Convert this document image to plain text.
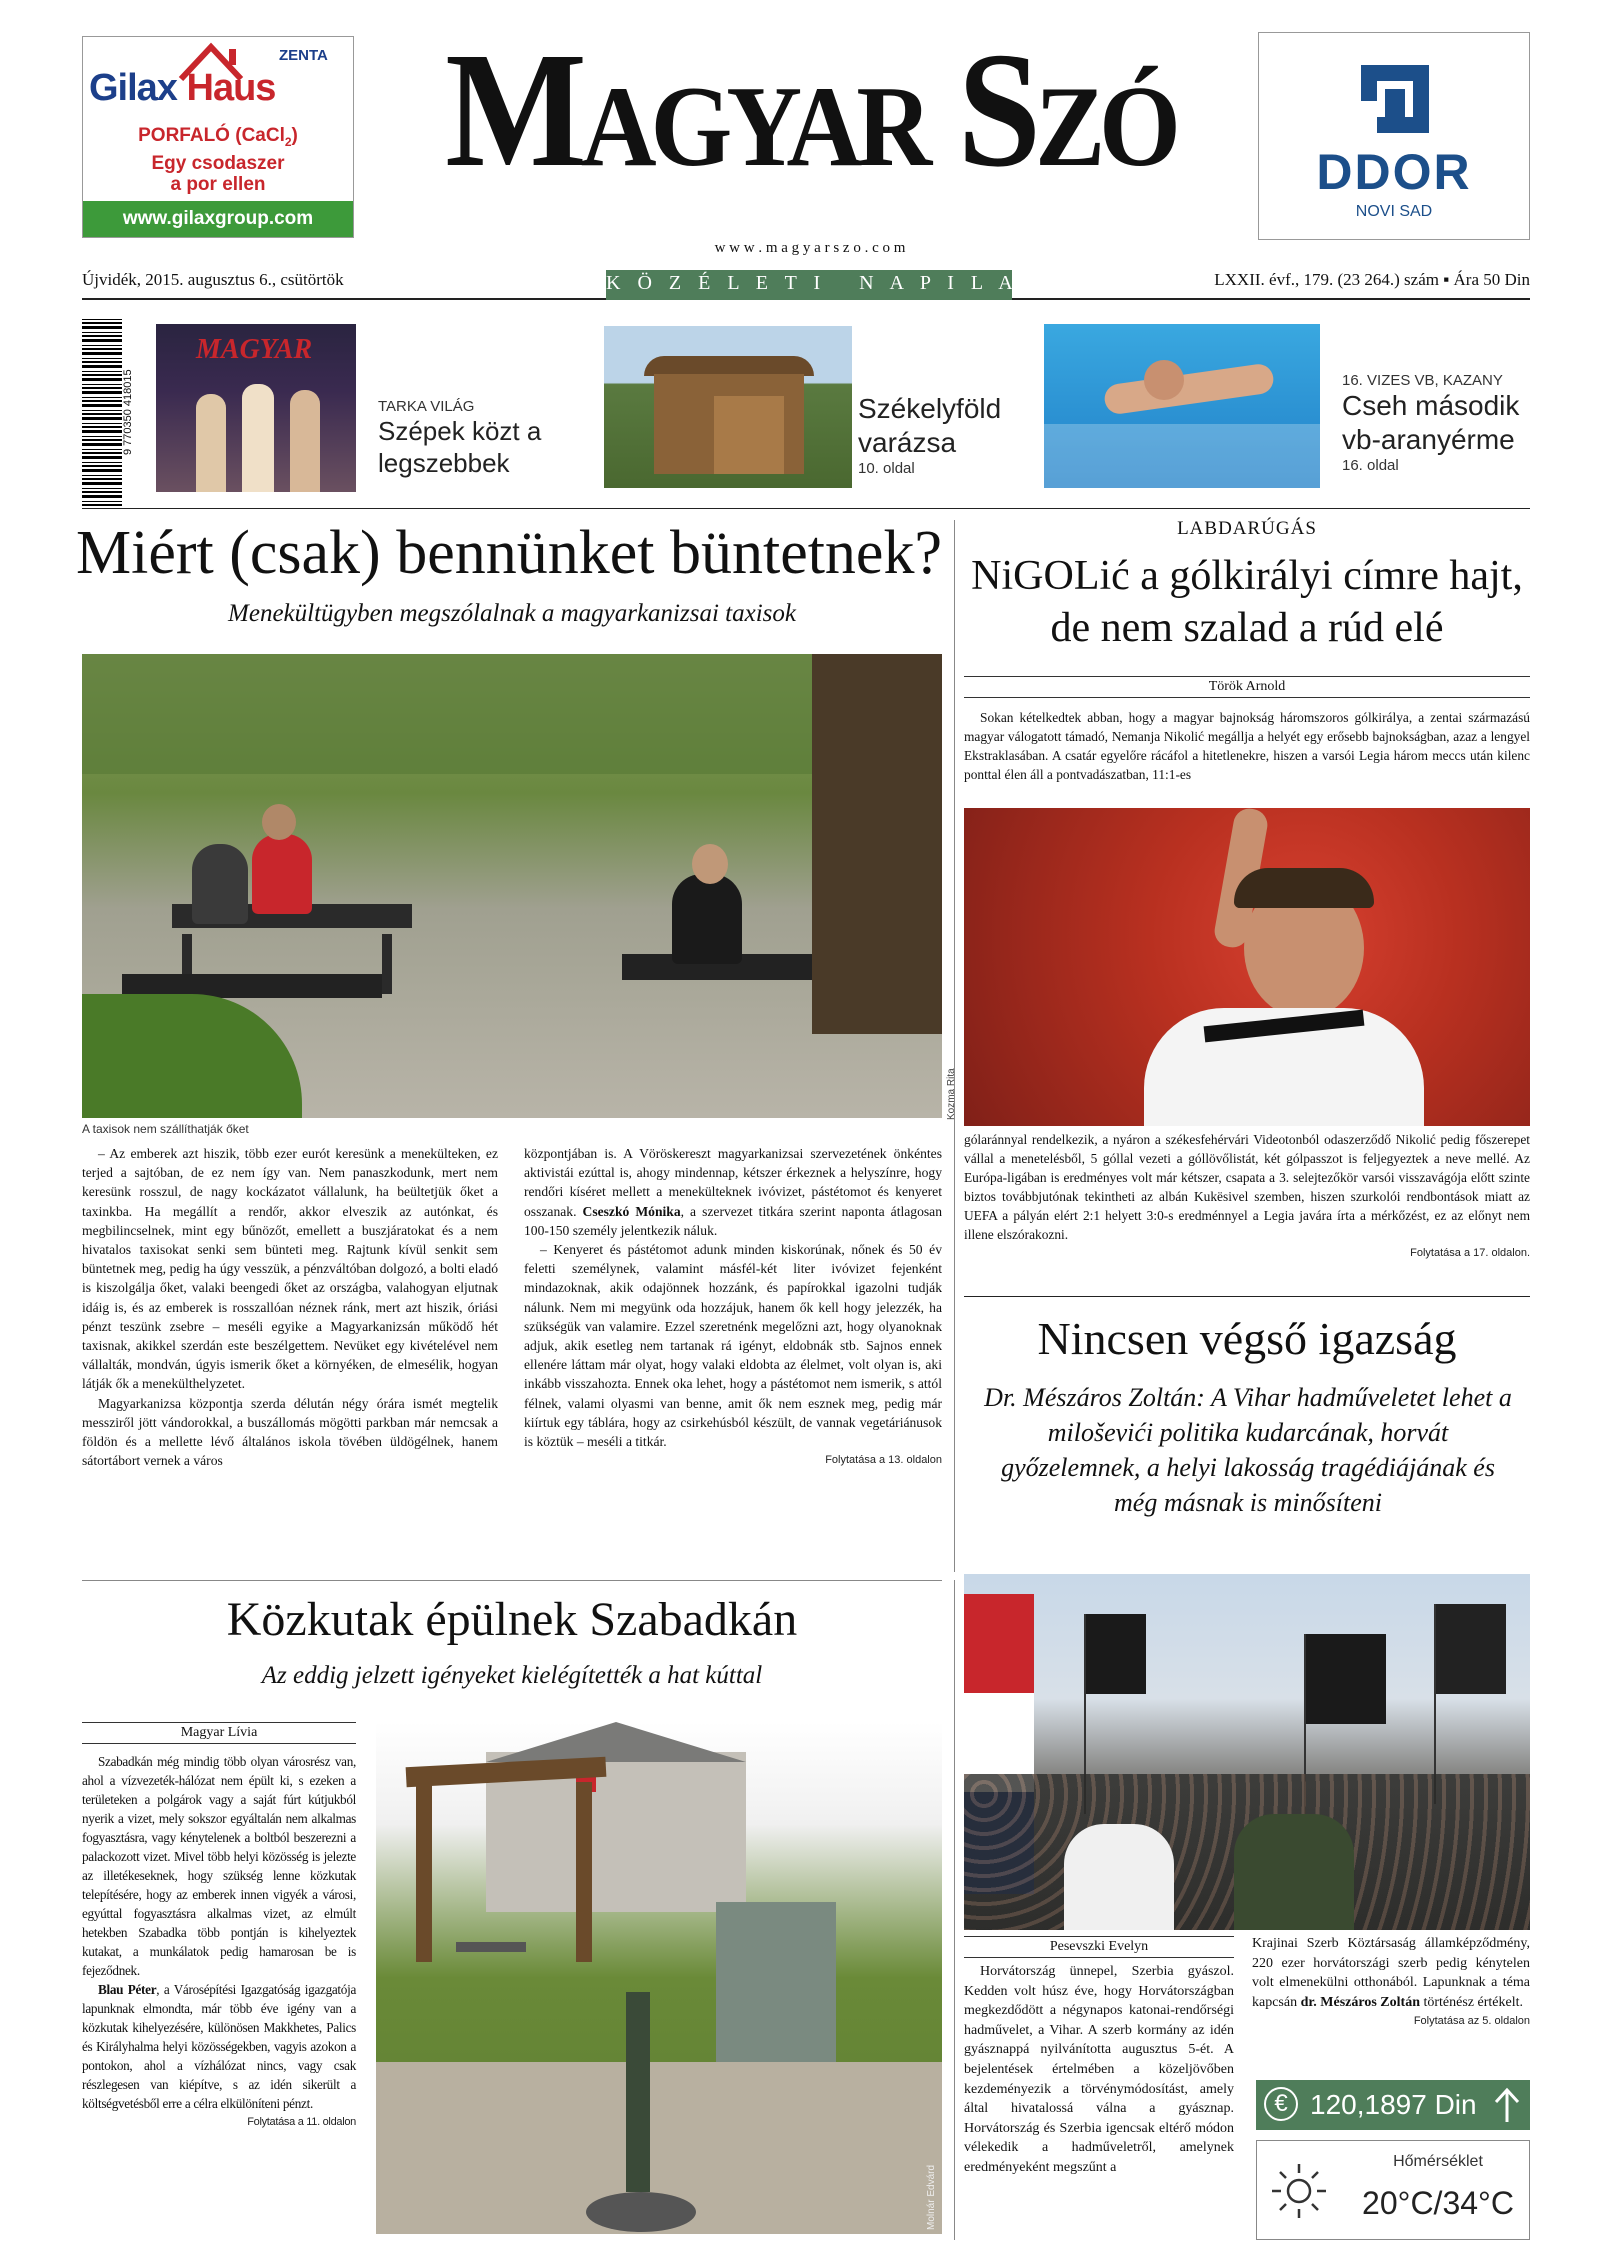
ZENTA
Gilax Haus
PORFALÓ (CaCl$_2$)
Egy csodaszer
a por ellen
www.gilaxgroup.com
DDOR
NOVI SAD
Magyar Szó
w w w . m a g y a r s z o . c o m
K Ö Z É L E T I   N A P I L A P
Újvidék, 2015. augusztus 6., csütörtök	LXXII. évf., 179. (23 264.) szám ▪ Ára 50 Din
9 770350 418015
MAGYAR
TARKA VILÁG
Szépek közt a legszebbek
Székelyföld varázsa
10. oldal
16. VIZES VB, KAZANY
Cseh második vb-aranyérme
16. oldal
Miért (csak) bennünket büntetnek?
Menekültügyben megszólalnak a magyarkanizsai taxisok
A taxisok nem szállíthatják őket

– Az emberek azt hiszik, több ezer eurót keresünk a menekülteken, ez terjed a sajtóban, de ez nem így van. Nem panaszkodunk, mert nem keresünk rosszul, de nagy kockázatot vállalunk, ha beültetjük őket a taxinkba. Ha megállít a rendőr, akkor elveszik az autónkat, és megbilincselnek, mint egy bűnözőt, emellett a buszjáratokat és a nem hivatalos taxisokat senki sem bünteti meg. Rajtunk kívül senkit sem büntetnek meg, pedig ha úgy vesszük, a pénzváltóban dolgozó, a bolti eladó is kiszolgálja őket, valaki beengedi őket az országba, valahogyan eljutnak idáig is, és az emberek is rosszallóan néznek ránk, mert azt hiszik, óriási pénzt teszünk zsebre – meséli egyike a Magyarkanizsán működő hét taxisnak, akikkel szerdán este beszélgettem. Nevüket egy kivételével nem vállalták, mondván, úgyis ismerik őket a környéken, de elmesélik, hogyan látják ők a menekülthelyzetet.

Magyarkanizsa központja szerda délután négy órára ismét megtelik messziről jött vándorokkal, a buszállomás mögötti parkban már nemcsak a földön és a mellette lévő általános iskola tövében üldögélnek, hanem sátortábort vernek a város

központjában is. A Vöröskereszt magyarkanizsai szervezetének önkéntes aktivistái ezúttal is, ahogy mindennap, kétszer érkeznek a helyszínre, hogy rendőri kíséret mellett a menekülteknek ivóvizet, pástétomot és kenyeret osszanak. Cseszkó Mónika, a szervezet titkára szerint naponta átlagosan 100-150 személy jelentkezik náluk.

– Kenyeret és pástétomot adunk minden kiskorúnak, nőnek és 50 év feletti személynek, valamint másfél-két liter ivóvizet fejenként mindazoknak, akik odajönnek hozzánk, és papírokkal igazolni tudják nálunk. Nem mi megyünk oda hozzájuk, hanem ők kell hogy jelezzék, ha szükségük van valamire. Ezzel szeretnénk megelőzni azt, hogy olyanoknak adjuk, akik esetleg nem tartanak rá igényt, eldobnák stb. Sajnos ennek ellenére láttam már olyat, hogy valaki eldobta az élelmet, volt olyan is, aki inkább visszahozta. Ennek oka lehet, hogy a pástétomot nem ismerik, s attól félnek, valami olyasmi van benne, amit ők nem esznek meg, pedig már kiírtuk egy táblára, hogy az csirkehúsból készült, de vannak vegetáriánusok is köztük – meséli a titkár.

Folytatása a 13. oldalon
LABDARÚGÁS
NiGOLić a gólkirályi címre hajt, de nem szalad a rúd elé
Török Arnold

Sokan kételkedtek abban, hogy a magyar bajnokság háromszoros gólkirálya, a zentai származású magyar válogatott támadó, Nemanja Nikolić megállja a helyét egy erősebb bajnokságban, azaz a lengyel Ekstraklasában. A csatár egyelőre rácáfol a hitetlenekre, hiszen a varsói Legia három meccs után kilenc ponttal élen áll a pontvadászatban, 11:1-es

Kozma Rita

gólaránnyal rendelkezik, a nyáron a székesfehérvári Videotonból odaszerződő Nikolić pedig főszerepet vállal a menetelésből, 5 góllal vezeti a góllövőlistát, két gólpasszot is feljegyeztek a neve mellé. Az Európa-ligában is eredményes volt már kétszer, csapata a 3. selejtezőkör varsói visszavágója előtt szinte biztos továbbjutónak tekintheti az albán Kukësivel szemben, hiszen szurkolói rendbontások miatt az UEFA a pályán elért 2:1 helyett 3:0-s eredménnyel a Legia javára írta a mérkőzést, ez az előnyt nem illene elszórakozni.

Folytatása a 17. oldalon.
Nincsen végső igazság
Dr. Mészáros Zoltán: A Vihar hadműveletet lehet a miloševići politika kudarcának, horvát győzelemnek, a helyi lakosság tragédiájának és még másnak is minősíteni
Pesevszki Evelyn

Horvátország ünnepel, Szerbia gyászol. Kedden volt húsz éve, hogy Horvátországban megkezdődött a négynapos katonai-rendőrségi hadművelet, a Vihar. A szerb kormány az idén gyásznappá nyilvánította augusztus 5-ét. A bejelentések értelmében a közeljövőben kezdeményezik a törvénymódosítást, amely által hivatalossá válna a gyásznap. Horvátország és Szerbia igencsak eltérő módon vélekedik a hadműveletről, amelynek eredményeként megszűnt a

Krajinai Szerb Köztársaság államképződmény, 220 ezer horvátországi szerb pedig kénytelen volt elmenekülni otthonából. Lapunknak a téma kapcsán dr. Mészáros Zoltán történész értékelt.

Folytatása az 5. oldalon
€ 120,1897 Din
Hőmérséklet
20°C/34°C
Közkutak épülnek Szabadkán
Az eddig jelzett igényeket kielégítették a hat kúttal
Magyar Lívia

Szabadkán még mindig több olyan városrész van, ahol a vízvezeték-hálózat nem épült ki, s ezeken a területeken a polgárok vagy a saját fúrt kútjukból nyerik a vizet, mely sokszor egyáltalán nem alkalmas fogyasztásra, vagy kénytelenek a boltból beszerezni a palackozott vizet. Mivel több helyi közösség is jelezte az illetékeseknek, hogy szükség lenne közkutak telepítésére, hogy az emberek innen vigyék a városi, egyúttal fogyasztásra alkalmas vizet, az elmúlt hetekben Szabadka több pontján is kihelyeztek kutakat, a munkálatok pedig hamarosan be is fejeződnek.

Blau Péter, a Városépítési Igazgatóság igazgatója lapunknak elmondta, már több éve igény van a közkutak kihelyezésére, különösen Makkhetes, Palics és Királyhalma helyi közösségekben, vagyis azokon a pontokon, ahol a vízhálózat nincs, vagy csak részlegesen van kiépítve, s az idén sikerült a költségvetésből erre a célra elkülöníteni pénzt.

Folytatása a 11. oldalon
Molnár Edvárd
